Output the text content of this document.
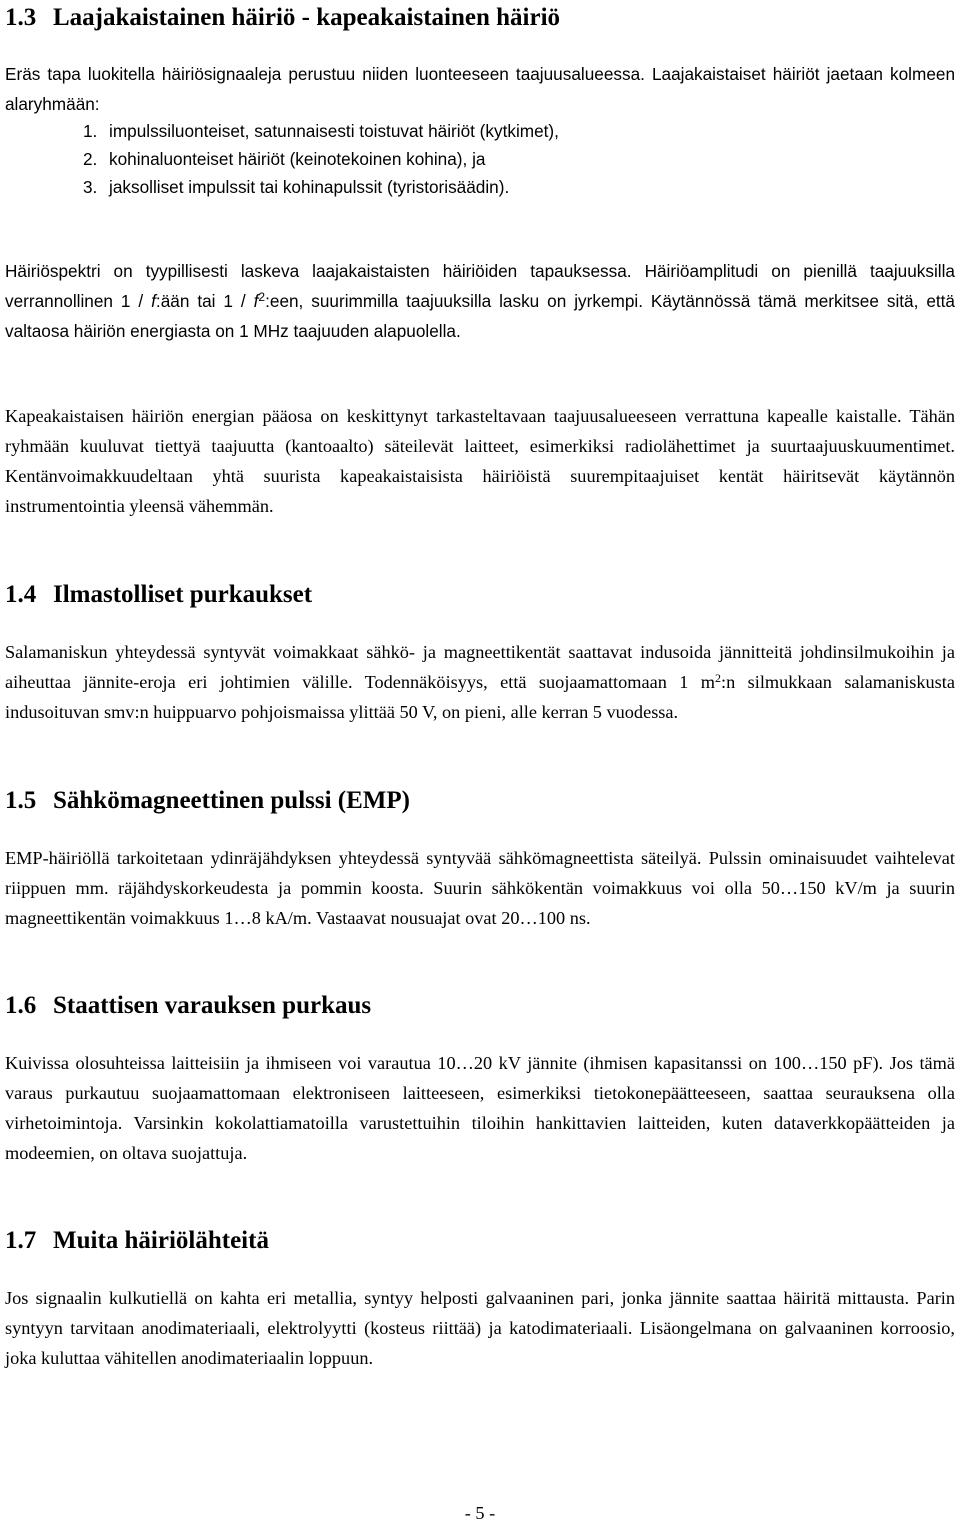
1.3 Laajakaistainen häiriö - kapeakaistainen häiriö

Eräs tapa luokitella häiriösignaaleja perustuu niiden luonteeseen taajuusalueessa. Laajakaistaiset häiriöt jaetaan kolmeen alaryhmään:

1. impulssiluonteiset, satunnaisesti toistuvat häiriöt (kytkimet),
2. kohinaluonteiset häiriöt (keinotekoinen kohina), ja
3. jaksolliset impulssit tai kohinapulssit (tyristorisäädin).

Häiriöspektri on tyypillisesti laskeva laajakaistaisten häiriöiden tapauksessa. Häiriöamplitudi on pienillä taajuuksilla verrannollinen 1 / f:ään tai $1 / f^2:een$, suurimmilla taajuuksilla lasku on jyrkempi. Käytännössä tämä merkitsee sitä, että valtaosa häiriön energiasta on 1 MHz taajuuden alapuolella.

Kapeakaistaisen häiriön energian pääosa on keskittynyt tarkasteltavaan taajuusalueeseen verrattuna kapealle kaistalle. Tähän ryhmään kuuluvat tiettyä taajuutta (kantoaalto) säteilevät laitteet, esimerkiksi radiolähettimet ja suurtaajuuskuumentimet. Kentänvoimakkuudeltaan yhtä suurista kapeakaistaisista häiriöistä suurempitaajuiset kentät häiritsevät käytännön instrumentointia yleensä vähemmän.

1.4 Ilmastolliset purkaukset

Salamaniskun yhteydessä syntyvät voimakkaat sähkö- ja magneettikentät saattavat indusoida jännitteitä johdinsilmukoihin ja aiheuttaa jännite-eroja eri johtimien välille. Todennäköisyys, että suojaamattomaan 1 $m^2:n$ silmukkaan salamaniskusta indusoituvan smv:n huippuarvo pohjoismaissa ylittää 50 V, on pieni, alle kerran 5 vuodessa.

1.5 Sähkömagneettinen pulssi (EMP)

EMP-häiriöllä tarkoitetaan ydinräjähdyksen yhteydessä syntyvää sähkömagneettista säteilyä. Pulssin ominaisuudet vaihtelevat riippuen mm. räjähdyskorkeudesta ja pommin koosta. Suurin sähkökentän voimakkuus voi olla 50…150 kV/m ja suurin magneettikentän voimakkuus 1…8 kA/m. Vastaavat nousuajat ovat 20…100 ns.

1.6 Staattisen varauksen purkaus

Kuivissa olosuhteissa laitteisiin ja ihmiseen voi varautua 10…20 kV jännite (ihmisen kapasitanssi on 100…150 pF). Jos tämä varaus purkautuu suojaamattomaan elektroniseen laitteeseen, esimerkiksi tietokonepäätteeseen, saattaa seurauksena olla virhetoimintoja. Varsinkin kokolattiamatoilla varustettuihin tiloihin hankittavien laitteiden, kuten dataverkkopäätteiden ja modeemien, on oltava suojattuja.

1.7 Muita häiriölähteitä

Jos signaalin kulkutiellä on kahta eri metallia, syntyy helposti galvaaninen pari, jonka jännite saattaa häiritä mittausta. Parin syntyyn tarvitaan anodimateriaali, elektrolyytti (kosteus riittää) ja katodimateriaali. Lisäongelmana on galvaaninen korroosio, joka kuluttaa vähitellen anodimateriaalin loppuun.

- 5 -
